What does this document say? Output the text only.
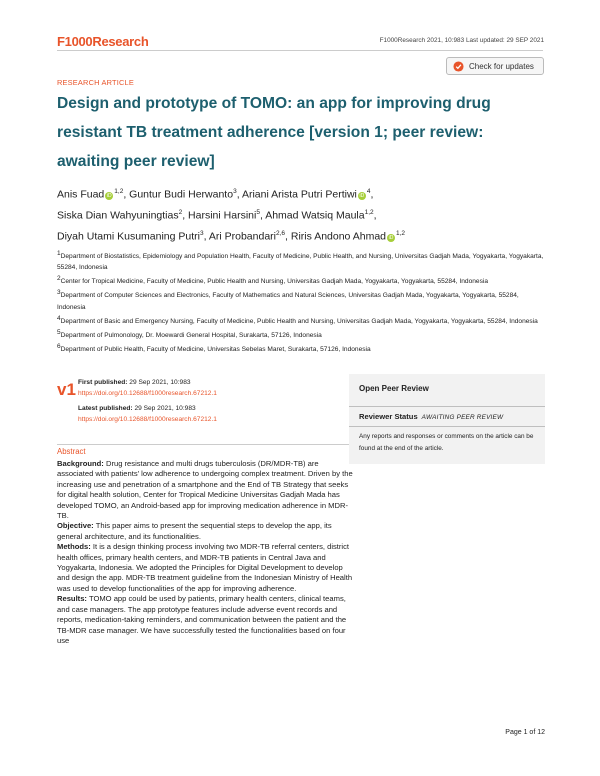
F1000Research	F1000Research 2021, 10:983 Last updated: 29 SEP 2021
Check for updates
RESEARCH ARTICLE
Design and prototype of TOMO: an app for improving drug resistant TB treatment adherence [version 1; peer review: awaiting peer review]
Anis Fuad iD$^{1,2}$, Guntur Budi Herwanto$^3$, Ariani Arista Putri Pertiwi $iD^4$,
Siska Dian Wahyuningtias$^2$, Harsini Harsini$^5$, Ahmad Watsiq Maula$^{1,2}$,
Diyah Utami Kusumaning Putri$^3$, Ari Probandari$^{2,6}$, Riris Andono Ahmad iD$^{1,2}$
$^1$Department of Biostatistics, Epidemiology and Population Health, Faculty of Medicine, Public Health, and Nursing, Universitas Gadjah Mada, Yogyakarta, Yogyakarta, 55284, Indonesia
$^2$Center for Tropical Medicine, Faculty of Medicine, Public Health and Nursing, Universitas Gadjah Mada, Yogyakarta, Yogyakarta, 55284, Indonesia
$^3$Department of Computer Sciences and Electronics, Faculty of Mathematics and Natural Sciences, Universitas Gadjah Mada, Yogyakarta, Yogyakarta, 55284, Indonesia
$^4$Department of Basic and Emergency Nursing, Faculty of Medicine, Public Health and Nursing, Universitas Gadjah Mada, Yogyakarta, Yogyakarta, 55284, Indonesia
$^5$Department of Pulmonology, Dr. Moewardi General Hospital, Surakarta, 57126, Indonesia
$^6$Department of Public Health, Faculty of Medicine, Universitas Sebelas Maret, Surakarta, 57126, Indonesia
v1 First published: 29 Sep 2021, 10:983
https://doi.org/10.12688/f1000research.67212.1
Latest published: 29 Sep 2021, 10:983
https://doi.org/10.12688/f1000research.67212.1
Abstract

Background: Drug resistance and multi drugs tuberculosis (DR/MDR-TB) are associated with patients' low adherence to undergoing complex treatment. Driven by the increasing use and penetration of a smartphone and the End of TB Strategy that seeks for digital health solution, Center for Tropical Medicine Universitas Gadjah Mada has developed TOMO, an Android-based app for improving medication adherence in MDR-TB.

Objective: This paper aims to present the sequential steps to develop the app, its general architecture, and its functionalities.

Methods: It is a design thinking process involving two MDR-TB referral centers, district health offices, primary health centers, and MDR-TB patients in Central Java and Yogyakarta, Indonesia. We adopted the Principles for Digital Development to develop and design the app. MDR-TB treatment guideline from the Indonesian Ministry of Health was used to develop functionalities of the app for improving adherence.

Results: TOMO app could be used by patients, primary health centers, clinical teams, and case managers. The app prototype features include adverse event records and reports, medication-taking reminders, and communication between the patient and the TB-MDR case manager. We have successfully tested the functionalities based on four use

Open Peer Review
Reviewer Status AWAITING PEER REVIEW
Any reports and responses or comments on the article can be found at the end of the article.
Page 1 of 12
